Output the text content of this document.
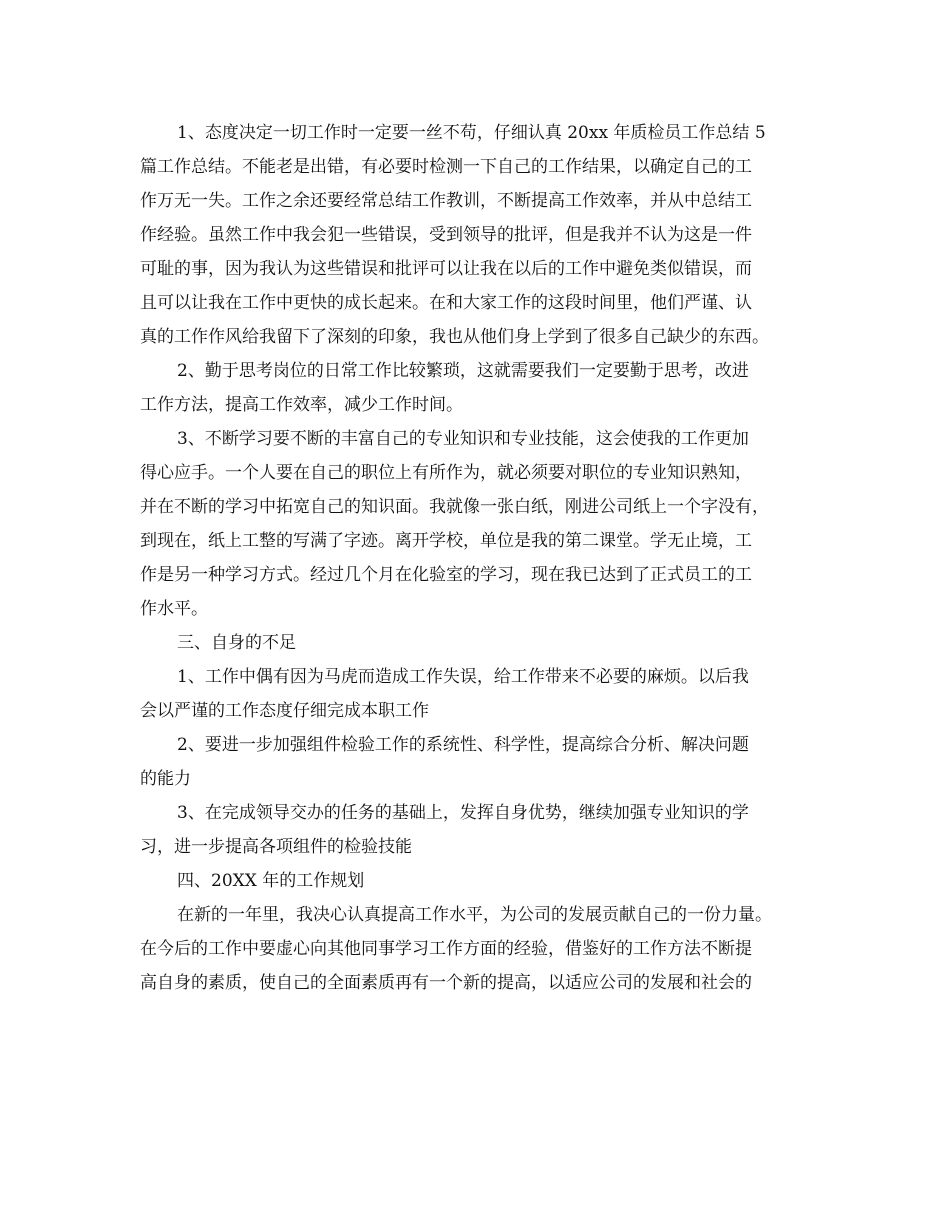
1、态度决定一切工作时一定要一丝不苟，仔细认真 20xx 年质检员工作总结 5

篇工作总结。不能老是出错，有必要时检测一下自己的工作结果，以确定自己的工

作万无一失。工作之余还要经常总结工作教训，不断提高工作效率，并从中总结工

作经验。虽然工作中我会犯一些错误，受到领导的批评，但是我并不认为这是一件

可耻的事，因为我认为这些错误和批评可以让我在以后的工作中避免类似错误，而

且可以让我在工作中更快的成长起来。在和大家工作的这段时间里，他们严谨、认

真的工作作风给我留下了深刻的印象，我也从他们身上学到了很多自己缺少的东西。

2、勤于思考岗位的日常工作比较繁琐，这就需要我们一定要勤于思考，改进

工作方法，提高工作效率，减少工作时间。

3、不断学习要不断的丰富自己的专业知识和专业技能，这会使我的工作更加

得心应手。一个人要在自己的职位上有所作为，就必须要对职位的专业知识熟知，

并在不断的学习中拓宽自己的知识面。我就像一张白纸，刚进公司纸上一个字没有，

到现在，纸上工整的写满了字迹。离开学校，单位是我的第二课堂。学无止境，工

作是另一种学习方式。经过几个月在化验室的学习，现在我已达到了正式员工的工

作水平。

三、自身的不足

1、工作中偶有因为马虎而造成工作失误，给工作带来不必要的麻烦。以后我

会以严谨的工作态度仔细完成本职工作

2、要进一步加强组件检验工作的系统性、科学性，提高综合分析、解决问题

的能力

3、在完成领导交办的任务的基础上，发挥自身优势，继续加强专业知识的学

习，进一步提高各项组件的检验技能

四、20XX 年的工作规划

在新的一年里，我决心认真提高工作水平，为公司的发展贡献自己的一份力量。

在今后的工作中要虚心向其他同事学习工作方面的经验，借鉴好的工作方法不断提

高自身的素质，使自己的全面素质再有一个新的提高，以适应公司的发展和社会的
